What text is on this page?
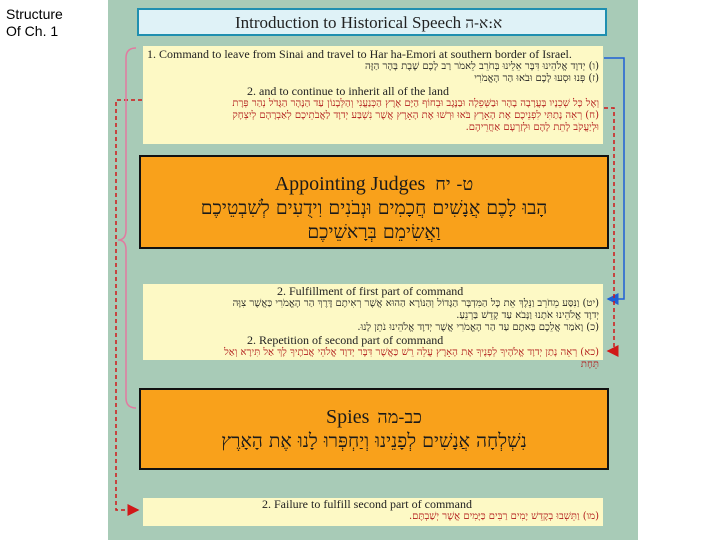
Structure
Of Ch. 1	Introduction to Historical Speech א:א-ה
1. Command to leave from Sinai and travel to Har ha-Emori at southern border of Israel.
(ו) יְדוָד אֱלֹהֵינוּ דִּבֶּר אֵלֵינוּ בְּחֹרֵב לֵאמֹר רַב לָכֶם שֶׁבֶת בָּהָר הַזֶּה
(ז) פְּנוּ וּסְעוּ לָכֶם וּבֹאוּ הַר הָאֱמֹרִי
2. and to continue to inherit all of the land
וְאֶל כָּל שְׁכֵנָיו בָּעֲרָבָה בָהָר וּבַשְּׁפֵלָה וּבַנֶּגֶב וּבְחוֹף הַיָּם אֶרֶץ הַכְּנַעֲנִי וְהַלְּבָנוֹן עַד הַנָּהָר הַגָּדֹל נְהַר פְּרָת
(ח) רְאֵה נָתַתִּי לִפְנֵיכֶם אֶת הָאָרֶץ בֹּאוּ וּרְשׁוּ אֶת הָאָרֶץ אֲשֶׁר נִשְׁבַּע יְדוָד לַאֲבֹתֵיכֶם לְאַבְרָהָם לְיִצְחָק
וּלְיַעֲקֹב לָתֵת לָהֶם וּלְזַרְעָם אַחֲרֵיהֶם.
Appointing Judges ט- יח
הָבוּ לָכֶם אֲנָשִׁים חֲכָמִים וּנְבֹנִים וִידֻעִים לְשִׁבְטֵיכֶם
וַאֲשִׂימֵם בְּרָאשֵׁיכֶם
2. Fulfillment of first part of command
(יט) וַנִּסַּע מֵחֹרֵב וַנֵּלֶךְ אֵת כָּל הַמִּדְבָּר הַגָּדוֹל וְהַנּוֹרָא הַהוּא אֲשֶׁר רְאִיתֶם דֶּרֶךְ הַר הָאֱמֹרִי כַּאֲשֶׁר צִוָּה
יְדוָד אֱלֹהֵינוּ אֹתָנוּ וַנָּבֹא עַד קָדֵשׁ בַּרְנֵעַ.
(כ) וָאֹמַר אֲלֵכֶם בָּאתֶם עַד הַר הָאֱמֹרִי אֲשֶׁר יְדוָד אֱלֹהֵינוּ נֹתֵן לָנוּ.
2. Repetition of second part of command
(כא) רְאֵה נָתַן יְדוָד אֱלֹהֶיךָ לְפָנֶיךָ אֶת הָאָרֶץ עֲלֵה רֵשׁ כַּאֲשֶׁר דִּבֶּר יְדוָד אֱלֹהֵי אֲבֹתֶיךָ לָךְ אַל תִּירָא וְאַל
תֵּחָת
Spies כב-מה
נִשְׁלְחָה אֲנָשִׁים לְפָנֵינוּ וְיַחְפְּרוּ לָנוּ אֶת הָאָרֶץ
2. Failure to fulfill second part of command
(מו) וַתֵּשְׁבוּ בְקָדֵשׁ יָמִים רַבִּים כַּיָּמִים אֲשֶׁר יְשַׁבְתֶּם.
